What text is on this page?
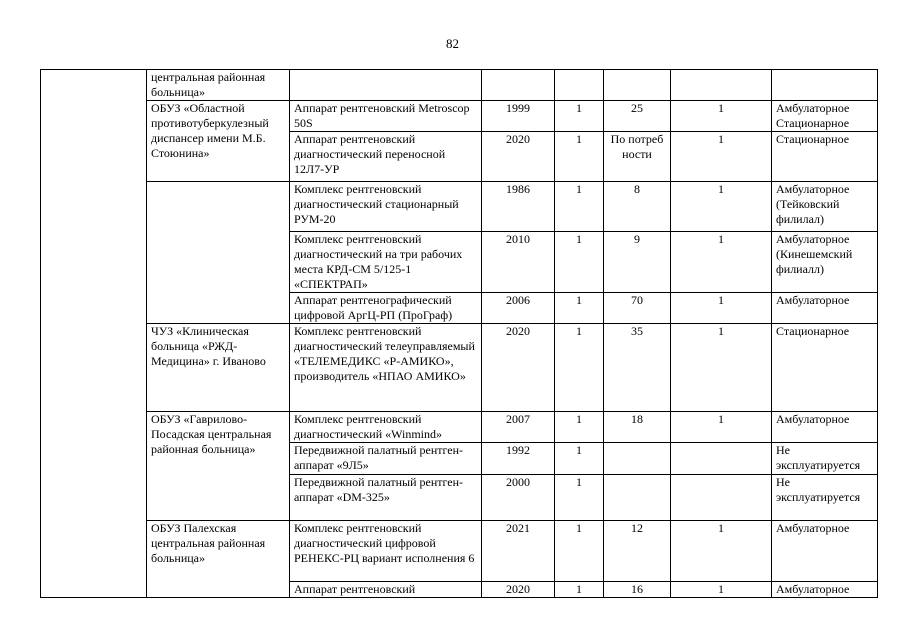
82
	центральная районная больница»						
	ОБУЗ «Областной противотуберкулезный диспансер имени М.Б. Стоюнина»	Аппарат рентгеновский Metroscop 50S	1999	1	25	1	Амбулаторное Стационарное
		Аппарат рентгеновский диагностический переносной 12Л7-УР	2020	1	По потреб ности	1	Стационарное
		Комплекс рентгеновский диагностический стационарный РУМ-20	1986	1	8	1	Амбулаторное (Тейковский филилал)
		Комплекс рентгеновский диагностический на три рабочих места КРД-СМ 5/125-1 «СПЕКТРАП»	2010	1	9	1	Амбулаторное (Кинешемский филиалл)
		Аппарат рентгенографический цифровой АргЦ-РП (ПроГраф)	2006	1	70	1	Амбулаторное
	ЧУЗ «Клиническая больница «РЖД-Медицина» г. Иваново	Комплекс рентгеновский диагностический телеуправляемый «ТЕЛЕМЕДИКС «Р-АМИКО», производитель «НПАО АМИКО»	2020	1	35	1	Стационарное
	ОБУЗ «Гаврилово-Посадская центральная районная больница»	Комплекс рентгеновский диагностический «Winmind»	2007	1	18	1	Амбулаторное
		Передвижной палатный рентген-аппарат «9Л5»	1992	1			Не эксплуатируется
		Передвижной палатный рентген-аппарат «DM-325»	2000	1			Не эксплуатируется
	ОБУЗ Палехская центральная районная больница»	Комплекс рентгеновский диагностический цифровой РЕНЕКС-РЦ вариант исполнения 6	2021	1	12	1	Амбулаторное
		Аппарат рентгеновский	2020	1	16	1	Амбулаторное
